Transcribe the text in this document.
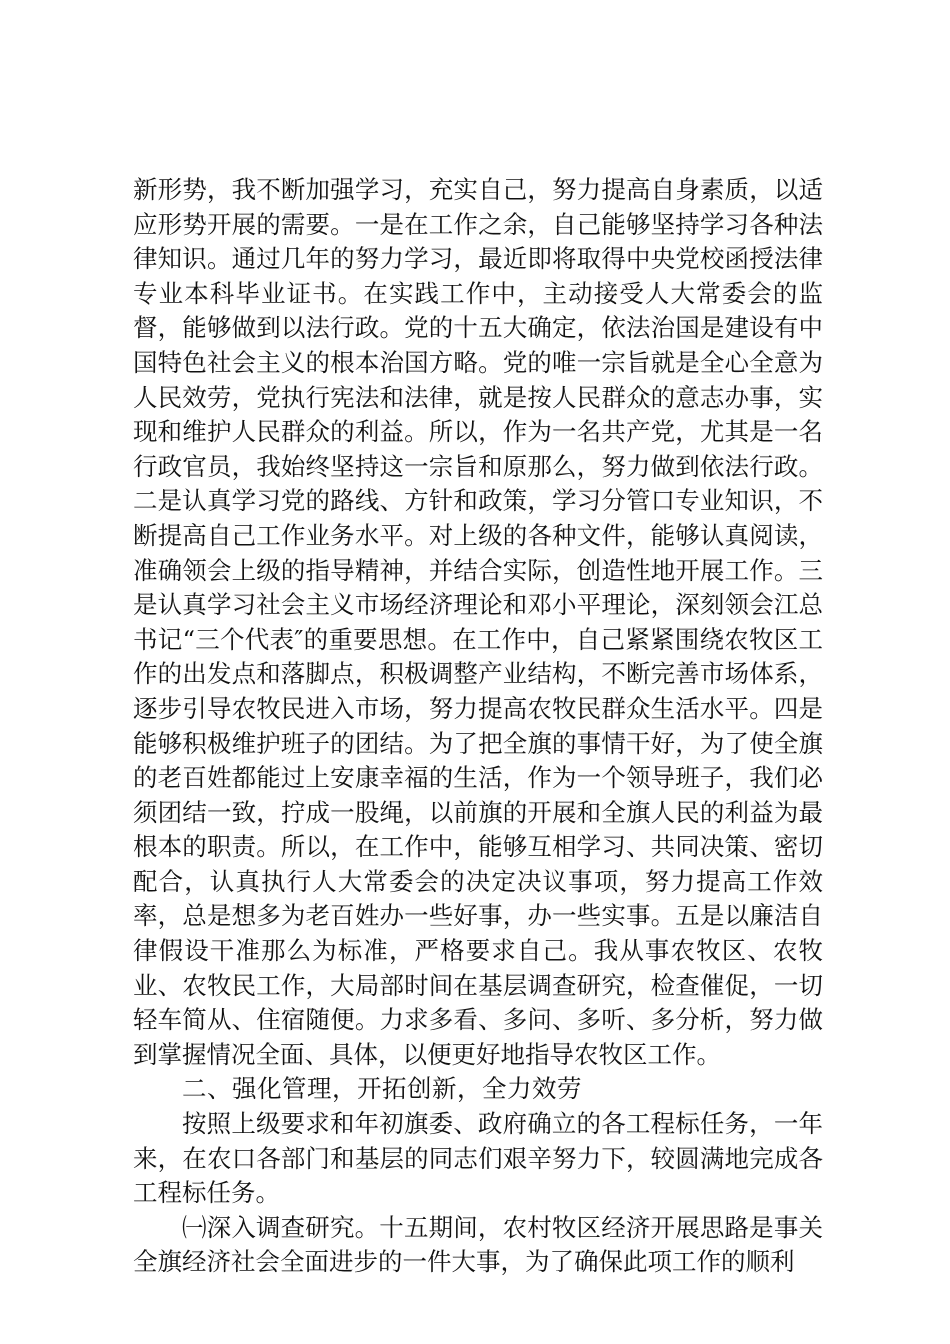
新形势，我不断加强学习，充实自己，努力提高自身素质，以适应形势开展的需要。一是在工作之余，自己能够坚持学习各种法律知识。通过几年的努力学习，最近即将取得中央党校函授法律专业本科毕业证书。在实践工作中，主动接受人大常委会的监督，能够做到以法行政。党的十五大确定，依法治国是建设有中国特色社会主义的根本治国方略。党的唯一宗旨就是全心全意为人民效劳，党执行宪法和法律，就是按人民群众的意志办事，实现和维护人民群众的利益。所以，作为一名共产党，尤其是一名行政官员，我始终坚持这一宗旨和原那么，努力做到依法行政。二是认真学习党的路线、方针和政策，学习分管口专业知识，不断提高自己工作业务水平。对上级的各种文件，能够认真阅读，准确领会上级的指导精神，并结合实际，创造性地开展工作。三是认真学习社会主义市场经济理论和邓小平理论，深刻领会江总书记“三个代表″的重要思想。在工作中，自己紧紧围绕农牧区工作的出发点和落脚点，积极调整产业结构，不断完善市场体系，逐步引导农牧民进入市场，努力提高农牧民群众生活水平。四是能够积极维护班子的团结。为了把全旗的事情干好，为了使全旗的老百姓都能过上安康幸福的生活，作为一个领导班子，我们必须团结一致，拧成一股绳，以前旗的开展和全旗人民的利益为最根本的职责。所以，在工作中，能够互相学习、共同决策、密切配合，认真执行人大常委会的决定决议事项，努力提高工作效率，总是想多为老百姓办一些好事，办一些实事。五是以廉洁自律假设干准那么为标准，严格要求自己。我从事农牧区、农牧业、农牧民工作，大局部时间在基层调查研究，检查催促，一切轻车简从、住宿随便。力求多看、多问、多听、多分析，努力做到掌握情况全面、具体，以便更好地指导农牧区工作。

二、强化管理，开拓创新，全力效劳

按照上级要求和年初旗委、政府确立的各工程标任务，一年来，在农口各部门和基层的同志们艰辛努力下，较圆满地完成各工程标任务。

㈠深入调查研究。十五期间，农村牧区经济开展思路是事关全旗经济社会全面进步的一件大事，为了确保此项工作的顺利
